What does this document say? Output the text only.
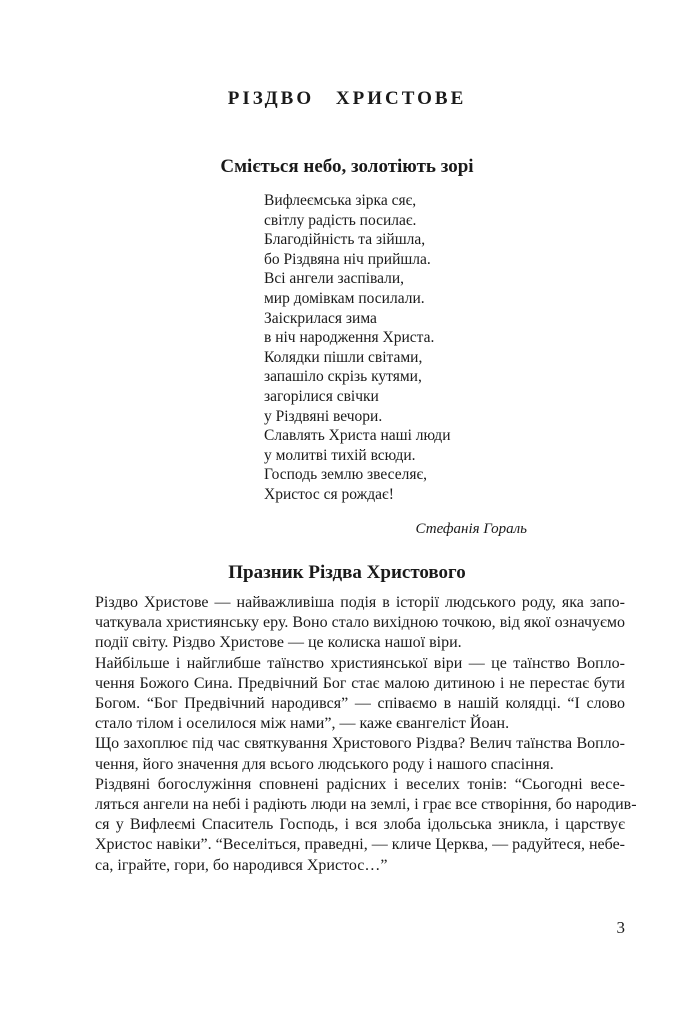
РІЗДВО ХРИСТОВЕ
Сміється небо, золотіють зорі
Вифлеємська зірка сяє,
світлу радість посилає.
Благодійність та зійшла,
бо Різдвяна ніч прийшла.
Всі ангели заспівали,
мир домівкам посилали.
Заіскрилася зима
в ніч народження Христа.
Колядки пішли світами,
запашіло скрізь кутями,
загорілися свічки
у Різдвяні вечори.
Славлять Христа наші люди
у молитві тихій всюди.
Господь землю звеселяє,
Христос ся рождає!
Стефанія Гораль
Празник Різдва Христового

Різдво Христове — найважливіша подія в історії людського роду, яка запо-
чаткувала християнську еру. Воно стало вихідною точкою, від якої означуємо
події світу. Різдво Христове — це колиска нашої віри.

Найбільше і найглибше таїнство християнської віри — це таїнство Вопло-
чення Божого Сина. Предвічний Бог стає малою дитиною і не перестає бути
Богом. “Бог Предвічний народився” — співаємо в нашій колядці. “І слово
стало тілом і оселилося між нами”, — каже євангеліст Йоан.

Що захоплює під час святкування Христового Різдва? Велич таїнства Вопло-
чення, його значення для всього людського роду і нашого спасіння.

Різдвяні богослужіння сповнені радісних і веселих тонів: “Сьогодні весе-
ляться ангели на небі і радіють люди на землі, і грає все створіння, бо народив-
ся у Вифлеємі Спаситель Господь, і вся злоба ідольська зникла, і царствує
Христос навіки”. “Веселіться, праведні, — кличе Церква, — радуйтеся, небе-
са, іграйте, гори, бо народився Христос…”

3
